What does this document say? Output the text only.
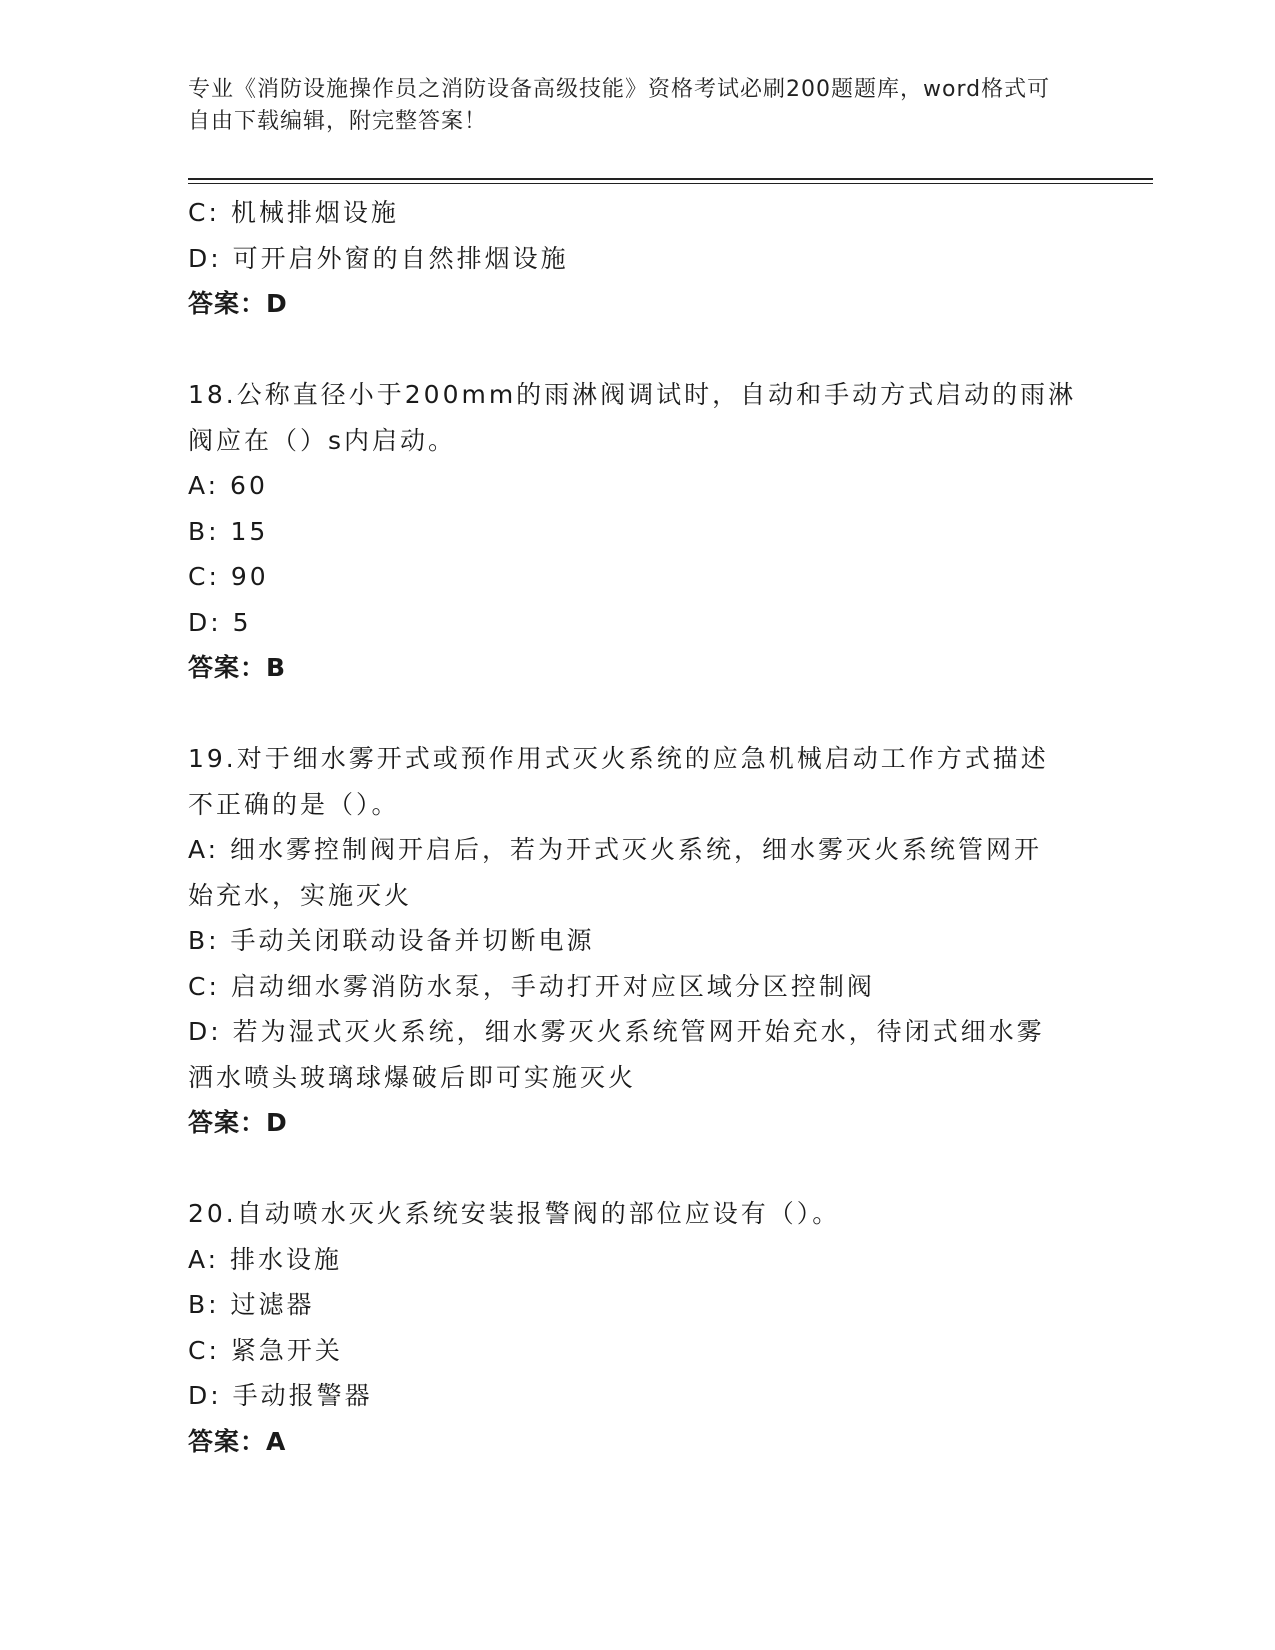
专业《消防设施操作员之消防设备高级技能》资格考试必刷200题题库，word格式可自由下载编辑，附完整答案！
C: 机械排烟设施
D: 可开启外窗的自然排烟设施
答案：D
18.公称直径小于200mm的雨淋阀调试时，自动和手动方式启动的雨淋
阀应在（）s内启动。
A: 60
B: 15
C: 90
D: 5
答案：B
19.对于细水雾开式或预作用式灭火系统的应急机械启动工作方式描述
不正确的是（）。
A: 细水雾控制阀开启后，若为开式灭火系统，细水雾灭火系统管网开
始充水，实施灭火
B: 手动关闭联动设备并切断电源
C: 启动细水雾消防水泵，手动打开对应区域分区控制阀
D: 若为湿式灭火系统，细水雾灭火系统管网开始充水，待闭式细水雾
洒水喷头玻璃球爆破后即可实施灭火
答案：D
20.自动喷水灭火系统安装报警阀的部位应设有（）。
A: 排水设施
B: 过滤器
C: 紧急开关
D: 手动报警器
答案：A
